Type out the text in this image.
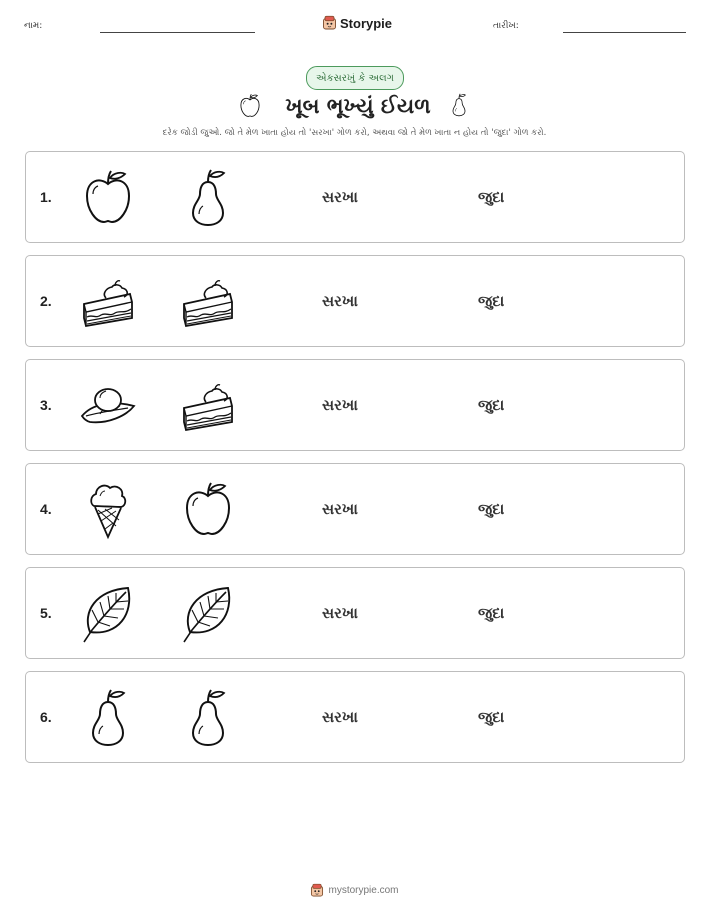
નામ:	Storypie	તારીખ:
એકસરખું કે અલગ
ખૂબ ભૂખ્યું ઈયળ
દરેક જોડી જુઓ. જો તે મેળ ખાતા હોય તો 'સરખા' ગોળ કરો, અથવા જો તે મેળ ખાતા ન હોય તો 'જુદા' ગોળ કરો.
1.	સરખા	જુદા
2.	સરખા	જુદા
3.	સરખા	જુદા
4.	સરખા	જુદા
5.	સરખા	જુદા
6.	સરખા	જુદા
mystorypie.com
